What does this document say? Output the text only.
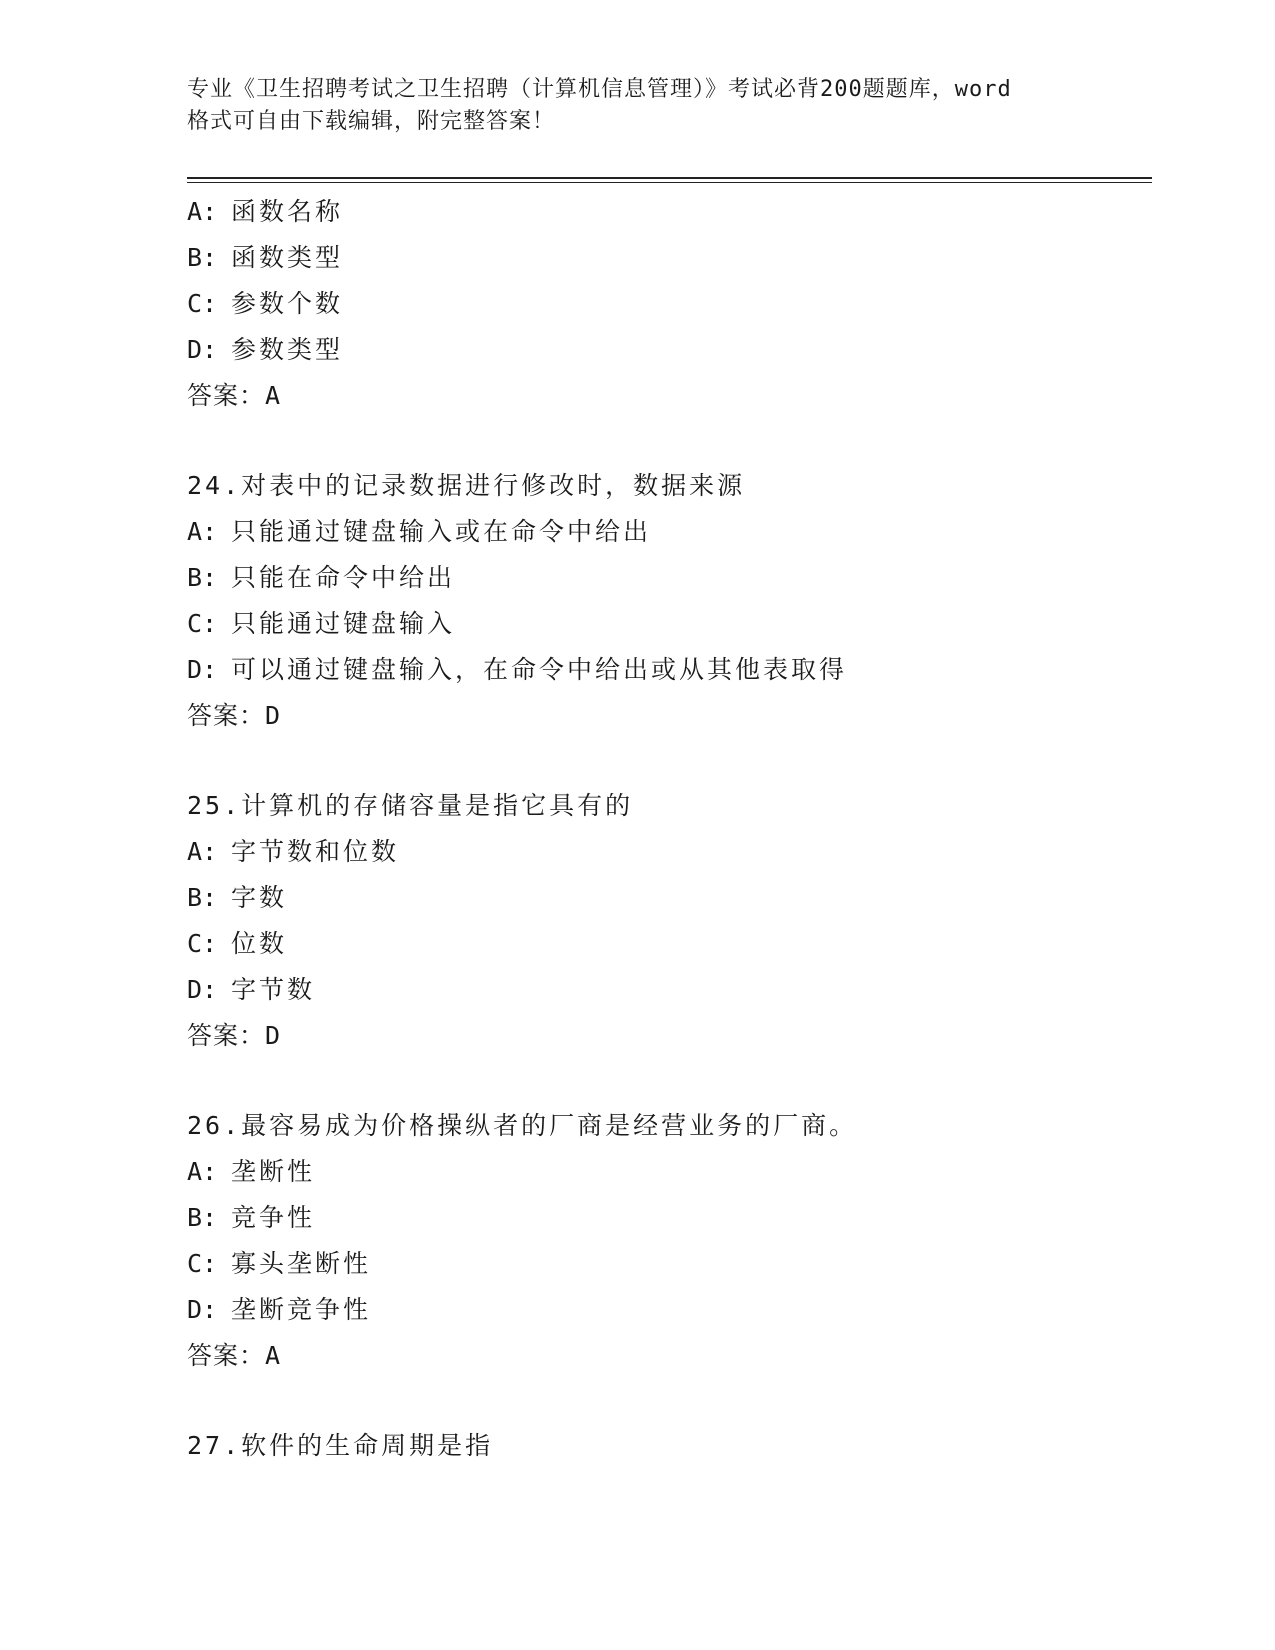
专业《卫生招聘考试之卫生招聘（计算机信息管理）》考试必背200题题库，word
格式可自由下载编辑，附完整答案！
A: 函数名称
B: 函数类型
C: 参数个数
D: 参数类型
答案：A
24.对表中的记录数据进行修改时，数据来源
A: 只能通过键盘输入或在命令中给出
B: 只能在命令中给出
C: 只能通过键盘输入
D: 可以通过键盘输入，在命令中给出或从其他表取得
答案：D
25.计算机的存储容量是指它具有的
A: 字节数和位数
B: 字数
C: 位数
D: 字节数
答案：D
26.最容易成为价格操纵者的厂商是经营业务的厂商。
A: 垄断性
B: 竞争性
C: 寡头垄断性
D: 垄断竞争性
答案：A
27.软件的生命周期是指
